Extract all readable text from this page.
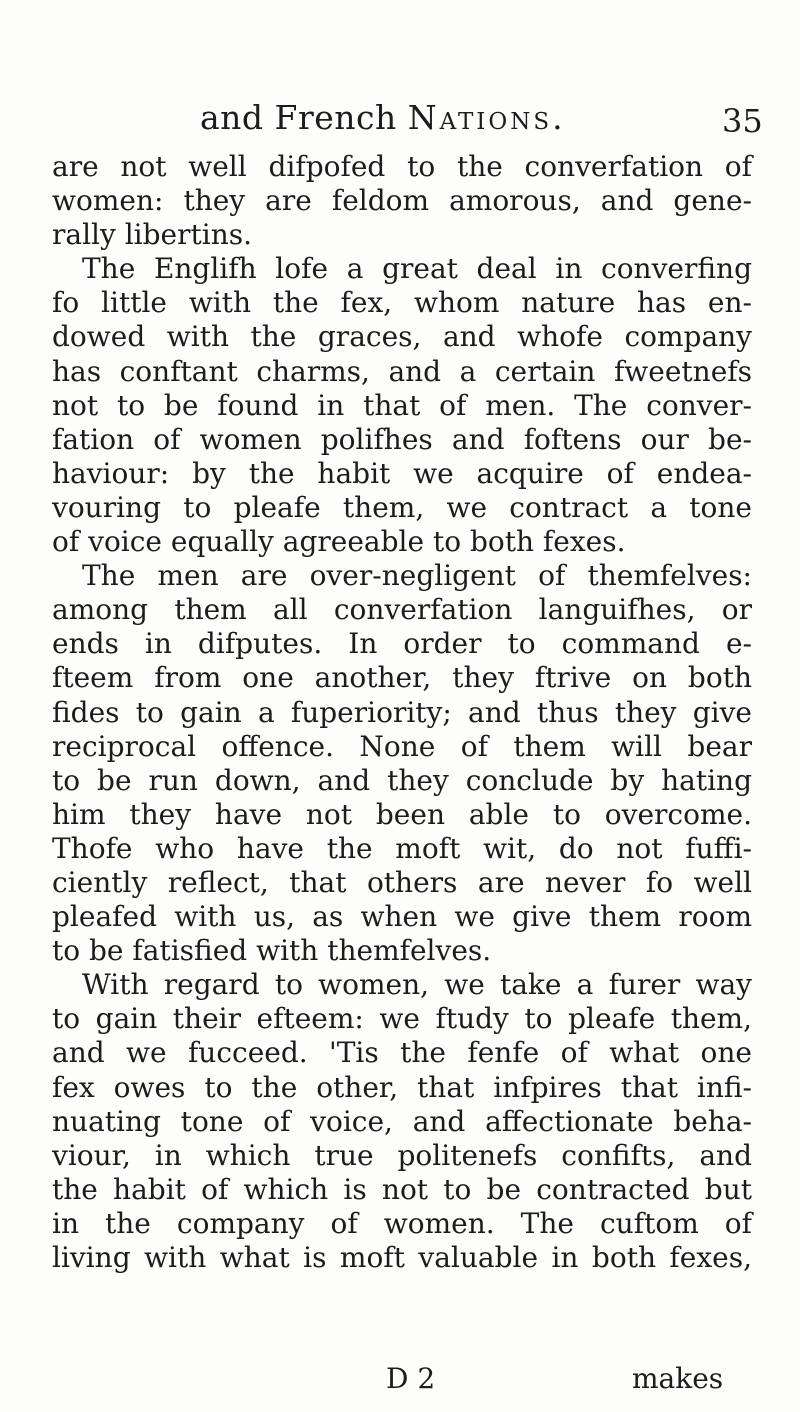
and French Nations.	35
are not well difpofed to the converfation of
women: they are feldom amorous, and gene-
rally libertins.
The Englifh lofe a great deal in converfing
fo little with the fex, whom nature has en-
dowed with the graces, and whofe company
has conftant charms, and a certain fweetnefs
not to be found in that of men. The conver-
fation of women polifhes and foftens our be-
haviour: by the habit we acquire of endea-
vouring to pleafe them, we contract a tone
of voice equally agreeable to both fexes.
The men are over-negligent of themfelves:
among them all converfation languifhes, or
ends in difputes. In order to command e-
fteem from one another, they ftrive on both
fides to gain a fuperiority; and thus they give
reciprocal offence. None of them will bear
to be run down, and they conclude by hating
him they have not been able to overcome.
Thofe who have the moft wit, do not fuffi-
ciently reflect, that others are never fo well
pleafed with us, as when we give them room
to be fatisfied with themfelves.
With regard to women, we take a furer way
to gain their efteem: we ftudy to pleafe them,
and we fucceed. 'Tis the fenfe of what one
fex owes to the other, that infpires that infi-
nuating tone of voice, and affectionate beha-
viour, in which true politenefs confifts, and
the habit of which is not to be contracted but
in the company of women. The cuftom of
living with what is moft valuable in both fexes,
D 2	makes
